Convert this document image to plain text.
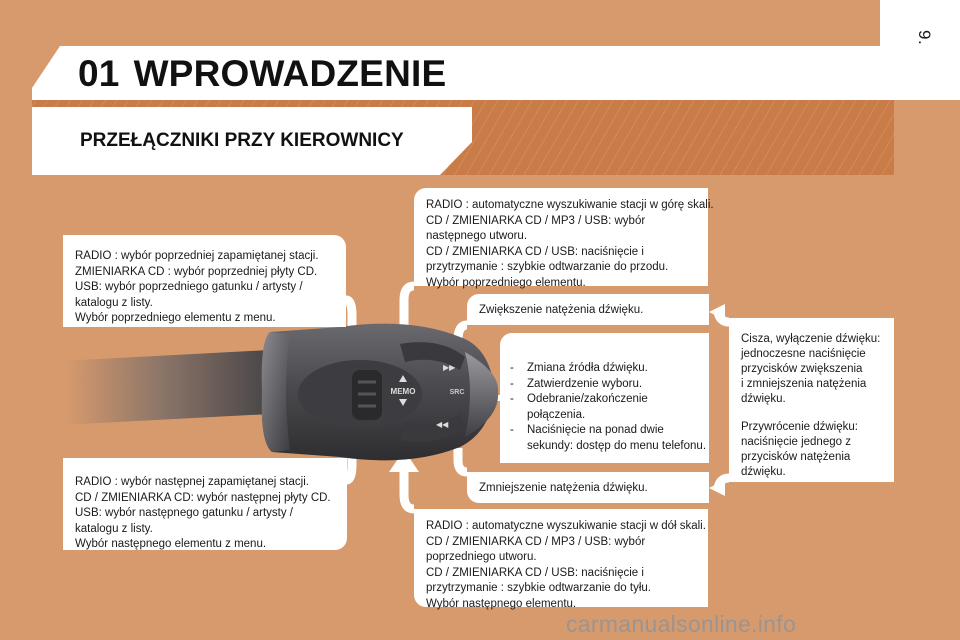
01 WPROWADZENIE
PRZEŁĄCZNIKI PRZY KIEROWNICY
MEMO	SRC
▶▶
◀◀
RADIO : wybór poprzedniej zapamiętanej stacji.
ZMIENIARKA CD : wybór poprzedniej płyty CD.
USB: wybór poprzedniego gatunku / artysty /
katalogu z listy.
Wybór poprzedniego elementu z menu.
RADIO : wybór następnej zapamiętanej stacji.
CD / ZMIENIARKA CD: wybór następnej płyty CD.
USB: wybór następnego gatunku / artysty /
katalogu z listy.
Wybór następnego elementu z menu.
RADIO : automatyczne wyszukiwanie stacji w górę skali.
CD / ZMIENIARKA CD / MP3 / USB: wybór
następnego utworu.
CD / ZMIENIARKA CD / USB: naciśnięcie i
przytrzymanie : szybkie odtwarzanie do przodu.
Wybór poprzedniego elementu.
RADIO : automatyczne wyszukiwanie stacji w dół skali.
CD / ZMIENIARKA CD / MP3 / USB: wybór
poprzedniego utworu.
CD / ZMIENIARKA CD / USB: naciśnięcie i
przytrzymanie : szybkie odtwarzanie do tyłu.
Wybór następnego elementu.
Zwiększenie natężenia dźwięku.
Zmniejszenie natężenia dźwięku.
- Zmiana źródła dźwięku.
- Zatwierdzenie wyboru.
- Odebranie/zakończenie
połączenia.
- Naciśnięcie na ponad dwie
sekundy: dostęp do menu telefonu.
Cisza, wyłączenie dźwięku:
jednoczesne naciśnięcie
przycisków zwiększenia
i zmniejszenia natężenia
dźwięku.
Przywrócenie dźwięku:
naciśnięcie jednego z
przycisków natężenia
dźwięku.
carmanualsonline.info
